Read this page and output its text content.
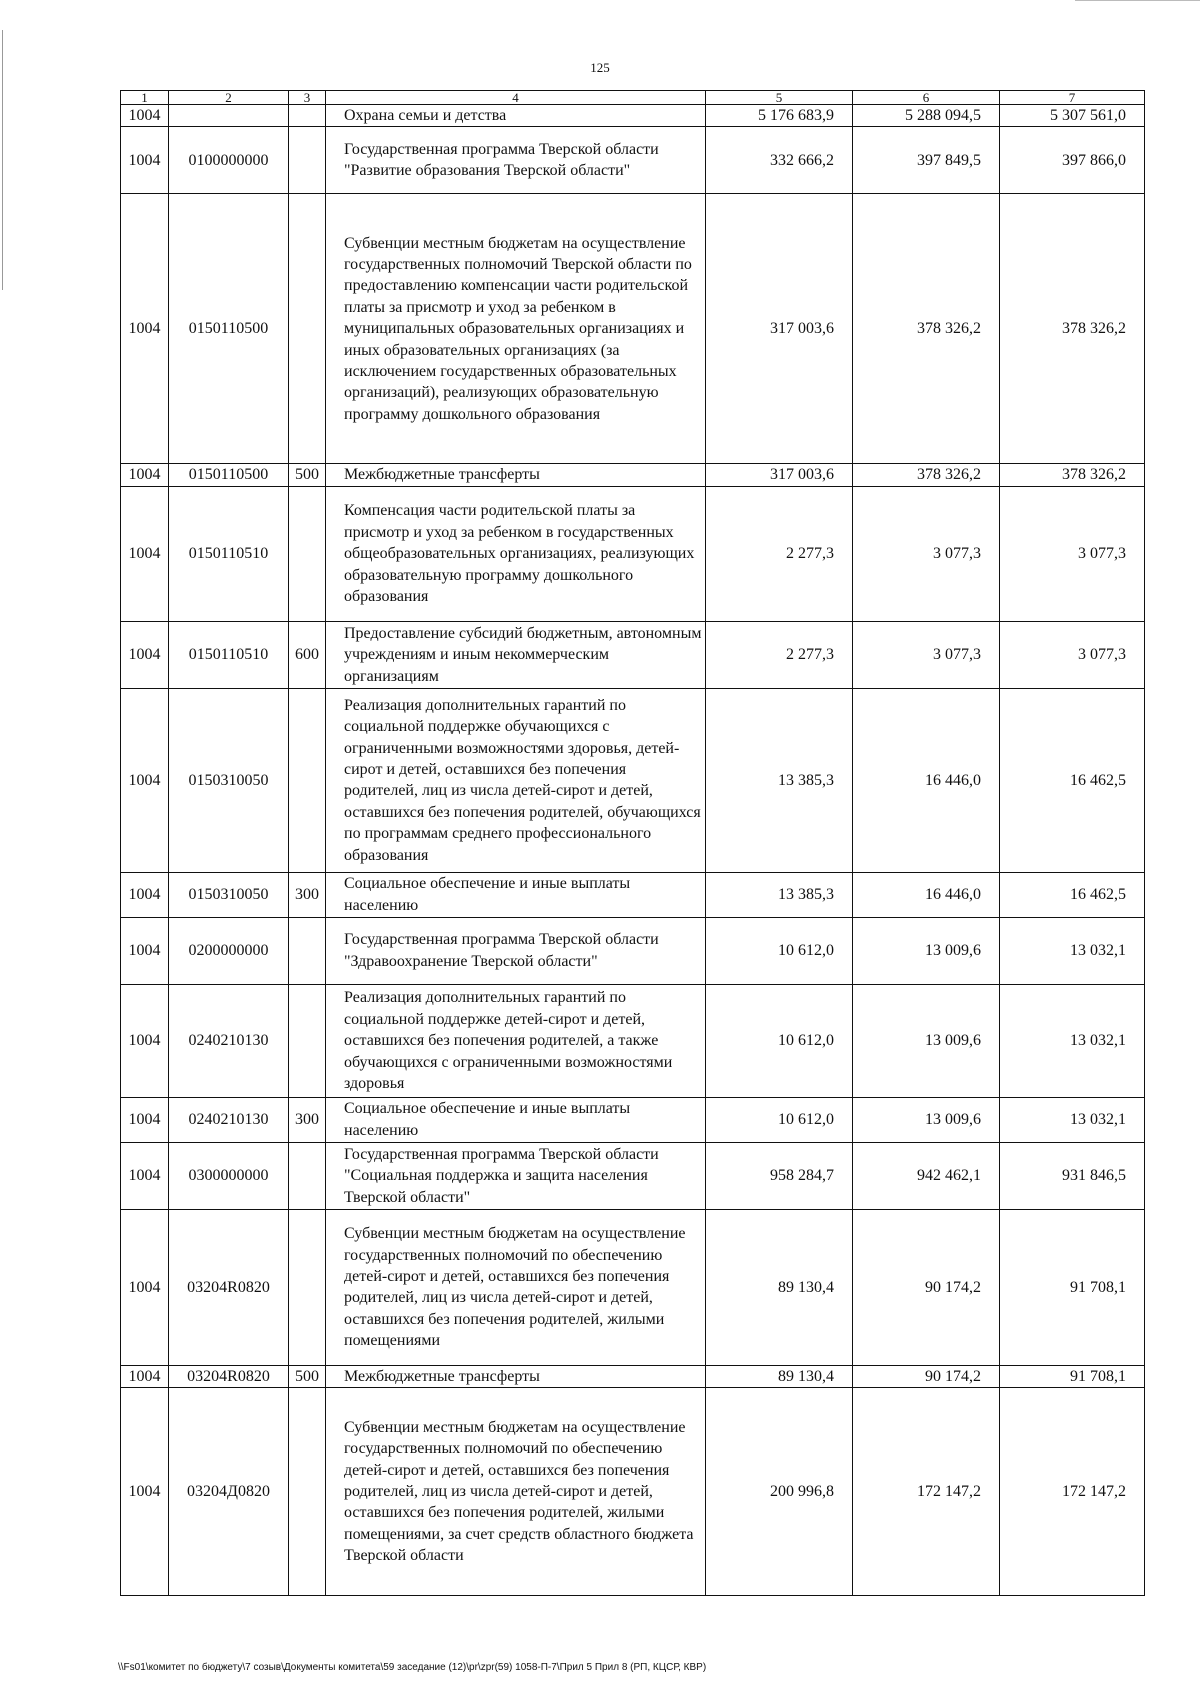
125
1	2	3	4	5	6	7
1004			Охрана семьи и детства	5 176 683,9	5 288 094,5	5 307 561,0
1004	0100000000		Государственная программа Тверской области "Развитие образования Тверской области"	332 666,2	397 849,5	397 866,0
1004	0150110500		Субвенции местным бюджетам на осуществление государственных полномочий Тверской области по предоставлению компенсации части родительской платы за присмотр и уход за ребенком в муниципальных образовательных организациях и иных образовательных организациях (за исключением государственных образовательных организаций), реализующих образовательную программу дошкольного образования	317 003,6	378 326,2	378 326,2
1004	0150110500	500	Межбюджетные трансферты	317 003,6	378 326,2	378 326,2
1004	0150110510		Компенсация части родительской платы за присмотр и уход за ребенком в государственных общеобразовательных организациях, реализующих образовательную программу дошкольного образования	2 277,3	3 077,3	3 077,3
1004	0150110510	600	Предоставление субсидий бюджетным, автономным учреждениям и иным некоммерческим организациям	2 277,3	3 077,3	3 077,3
1004	0150310050		Реализация дополнительных гарантий по социальной поддержке обучающихся с ограниченными возможностями здоровья, детей-сирот и детей, оставшихся без попечения родителей, лиц из числа детей-сирот и детей, оставшихся без попечения родителей, обучающихся по программам среднего профессионального образования	13 385,3	16 446,0	16 462,5
1004	0150310050	300	Социальное обеспечение и иные выплаты населению	13 385,3	16 446,0	16 462,5
1004	0200000000		Государственная программа Тверской области "Здравоохранение Тверской области"	10 612,0	13 009,6	13 032,1
1004	0240210130		Реализация дополнительных гарантий по социальной поддержке детей-сирот и детей, оставшихся без попечения родителей, а также обучающихся с ограниченными возможностями здоровья	10 612,0	13 009,6	13 032,1
1004	0240210130	300	Социальное обеспечение и иные выплаты населению	10 612,0	13 009,6	13 032,1
1004	0300000000		Государственная программа Тверской области "Социальная поддержка и защита населения Тверской области"	958 284,7	942 462,1	931 846,5
1004	03204R0820		Субвенции местным бюджетам на осуществление государственных полномочий по обеспечению детей-сирот и детей, оставшихся без попечения родителей, лиц из числа детей-сирот и детей, оставшихся без попечения родителей, жилыми помещениями	89 130,4	90 174,2	91 708,1
1004	03204R0820	500	Межбюджетные трансферты	89 130,4	90 174,2	91 708,1
1004	03204Д0820		Субвенции местным бюджетам на осуществление государственных полномочий по обеспечению детей-сирот и детей, оставшихся без попечения родителей, лиц из числа детей-сирот и детей, оставшихся без попечения родителей, жилыми помещениями, за счет средств областного бюджета Тверской области	200 996,8	172 147,2	172 147,2
\\Fs01\комитет по бюджету\7 созыв\Документы комитета\59 заседание (12)\pr\zpr(59) 1058-П-7\Прил 5 Прил 8 (РП, КЦСР, КВР)
